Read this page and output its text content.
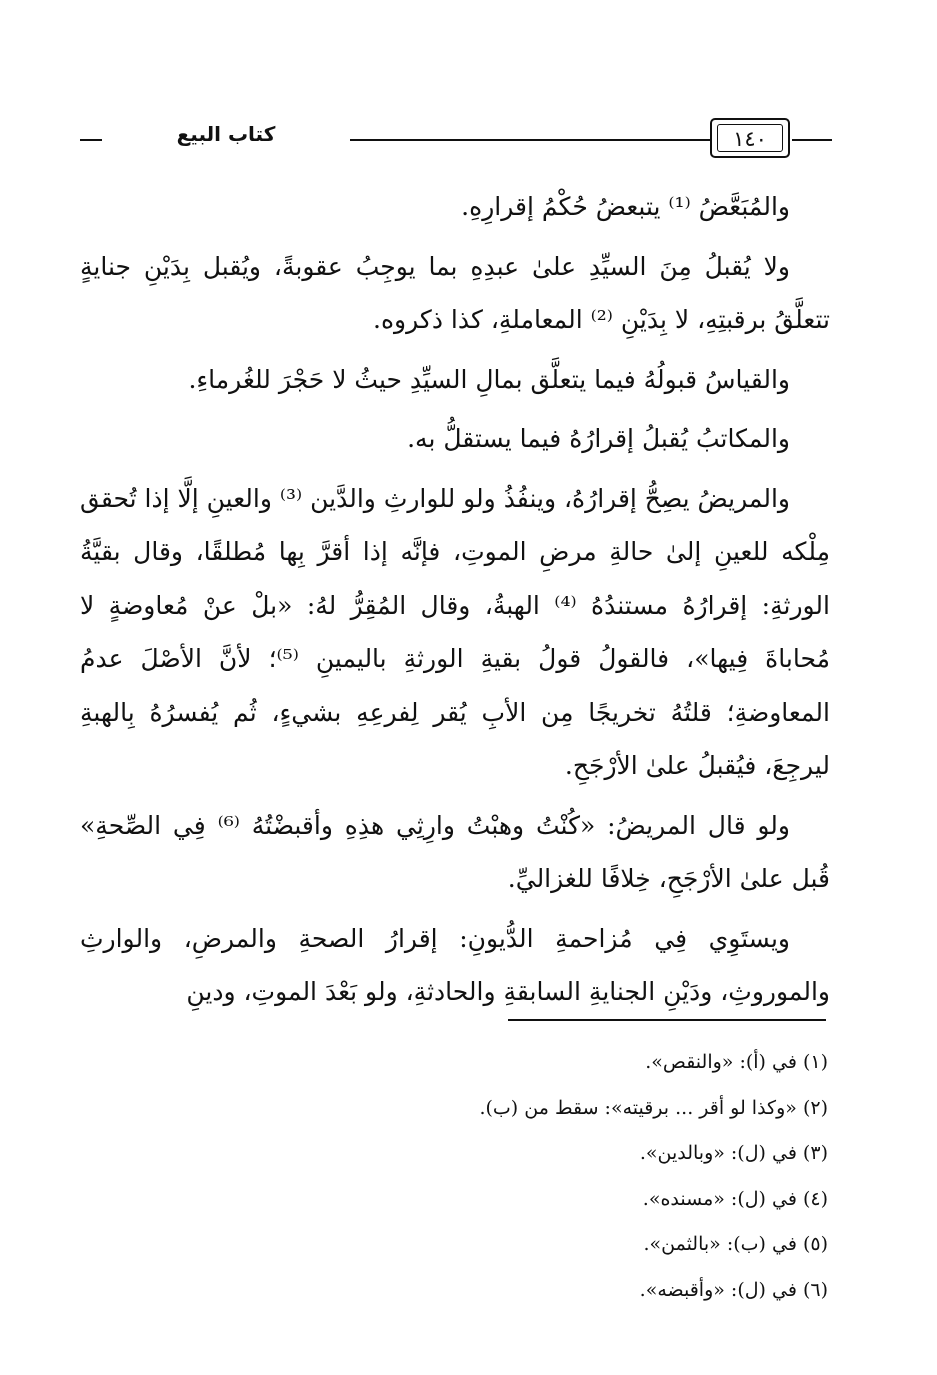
كتاب البيع	١٤٠

والمُبَعَّضُ ⁽¹⁾ يتبعضُ حُكْمُ إقرارِهِ.

ولا يُقبلُ مِنَ السيِّدِ علىٰ عبدِهِ بما يوجِبُ عقوبةً، ويُقبل بِدَيْنِ جنايةٍ تتعلَّقُ برقبتِهِ، لا بِدَيْنِ ⁽²⁾ المعاملةِ، كذا ذكروه.

والقياسُ قبولُهُ فيما يتعلَّق بمالِ السيِّدِ حيثُ لا حَجْرَ للغُرماءِ.

والمكاتبُ يُقبلُ إقرارُهُ فيما يستقلُّ به.

والمريضُ يصِحُّ إقرارُهُ، وينفُذُ ولو للوارثِ والدَّين ⁽³⁾ والعينِ إلَّا إذا تُحقق مِلْكه للعينِ إلىٰ حالةِ مرضِ الموتِ، فإنَّه إذا أقرَّ بِها مُطلقًا، وقال بقيَّةُ الورثةِ: إقرارُهُ مستندُهُ ⁽⁴⁾ الهبةُ، وقال المُقِرُّ لهُ: «بلْ عنْ مُعاوضةٍ لا مُحاباةَ فِيها»، فالقولُ قولُ بقيةِ الورثةِ باليمينِ ⁽⁵⁾؛ لأنَّ الأصْلَ عدمُ المعاوضةِ؛ قلتُهُ تخريجًا مِن الأبِ يُقر لِفرعِهِ بشيءٍ، ثُم يُفسرُهُ بِالهبةِ ليرجِعَ، فيُقبلُ علىٰ الأرْجَحِ.

ولو قال المريضُ: «كُنْتُ وهبْتُ وارِثِي هذِهِ وأقبضْتُهُ ⁽⁶⁾ فِي الصِّحةِ» قُبل علىٰ الأرْجَحِ، خِلافًا للغزاليِّ.

ويستَوِي فِي مُزاحمةِ الدُّيونِ: إقرارُ الصحةِ والمرضِ، والوارثِ والموروثِ، ودَيْنِ الجنايةِ السابقةِ والحادثةِ، ولو بَعْدَ الموتِ، ودينِ

(١) في (أ): «والنقص».
(٢) «وكذا لو أقر ... برقيته»: سقط من (ب).
(٣) في (ل): «وبالدين».
(٤) في (ل): «مسنده».
(٥) في (ب): «بالثمن».
(٦) في (ل): «وأقبضه».
